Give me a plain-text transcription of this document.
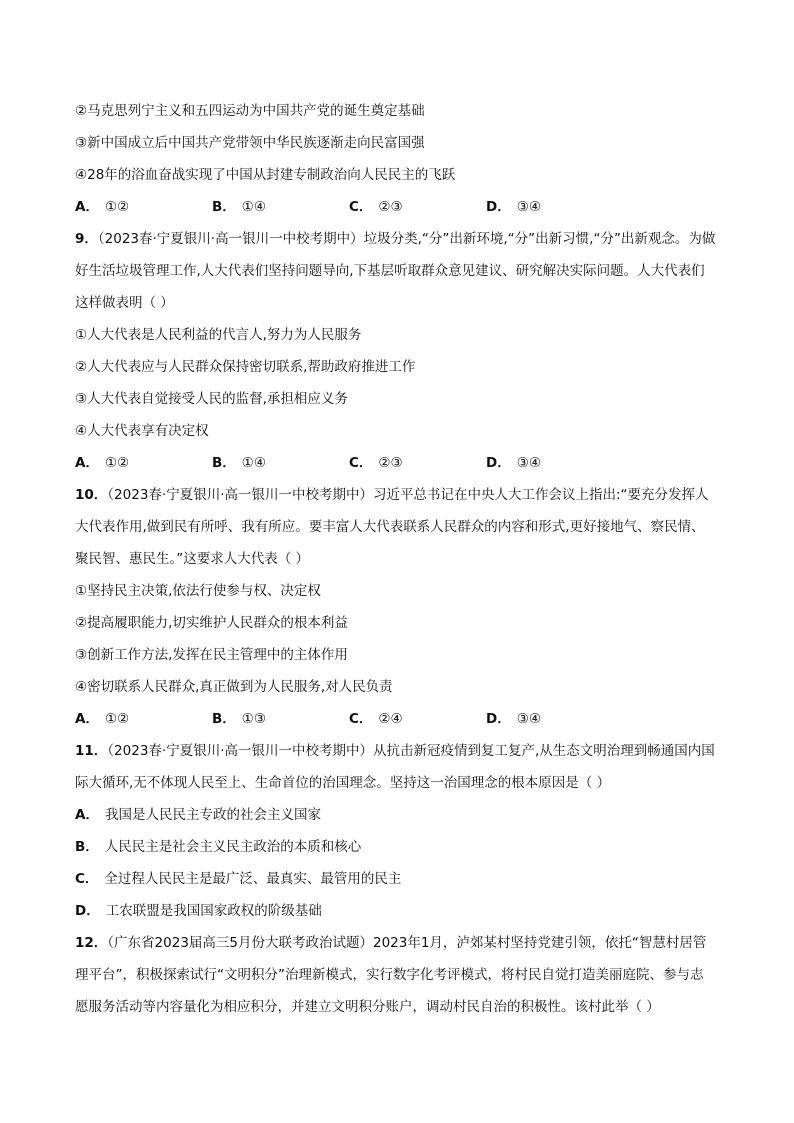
②马克思列宁主义和五四运动为中国共产党的诞生奠定基础
③新中国成立后中国共产党带领中华民族逐渐走向民富国强
④28年的浴血奋战实现了中国从封建专制政治向人民民主的飞跃
A． ①②	B． ①④	C． ②③	D． ③④
9．（2023春·宁夏银川·高一银川一中校考期中）垃圾分类,“分”出新环境,“分”出新习惯,“分”出新观念。为做
好生活垃圾管理工作,人大代表们坚持问题导向,下基层听取群众意见建议、研究解决实际问题。人大代表们
这样做表明（ ）
①人大代表是人民利益的代言人,努力为人民服务
②人大代表应与人民群众保持密切联系,帮助政府推进工作
③人大代表自觉接受人民的监督,承担相应义务
④人大代表享有决定权
A． ①②	B． ①④	C． ②③	D． ③④
10．（2023春·宁夏银川·高一银川一中校考期中）习近平总书记在中央人大工作会议上指出:“要充分发挥人
大代表作用,做到民有所呼、我有所应。要丰富人大代表联系人民群众的内容和形式,更好接地气、察民情、
聚民智、惠民生。”这要求人大代表（ ）
①坚持民主决策,依法行使参与权、决定权
②提高履职能力,切实维护人民群众的根本利益
③创新工作方法,发挥在民主管理中的主体作用
④密切联系人民群众,真正做到为人民服务,对人民负责
A． ①②	B． ①③	C． ②④	D． ③④
11．（2023春·宁夏银川·高一银川一中校考期中）从抗击新冠疫情到复工复产,从生态文明治理到畅通国内国
际大循环,无不体现人民至上、生命首位的治国理念。坚持这一治国理念的根本原因是（ ）
A． 我国是人民民主专政的社会主义国家
B． 人民民主是社会主义民主政治的本质和核心
C． 全过程人民民主是最广泛、最真实、最管用的民主
D． 工农联盟是我国国家政权的阶级基础
12．（广东省2023届高三5月份大联考政治试题）2023年1月，泸郊某村坚持党建引领，依托“智慧村居管
理平台”，积极探索试行“文明积分”治理新模式，实行数字化考评模式，将村民自觉打造美丽庭院、参与志
愿服务活动等内容量化为相应积分，并建立文明积分账户，调动村民自治的积极性。该村此举（ ）
